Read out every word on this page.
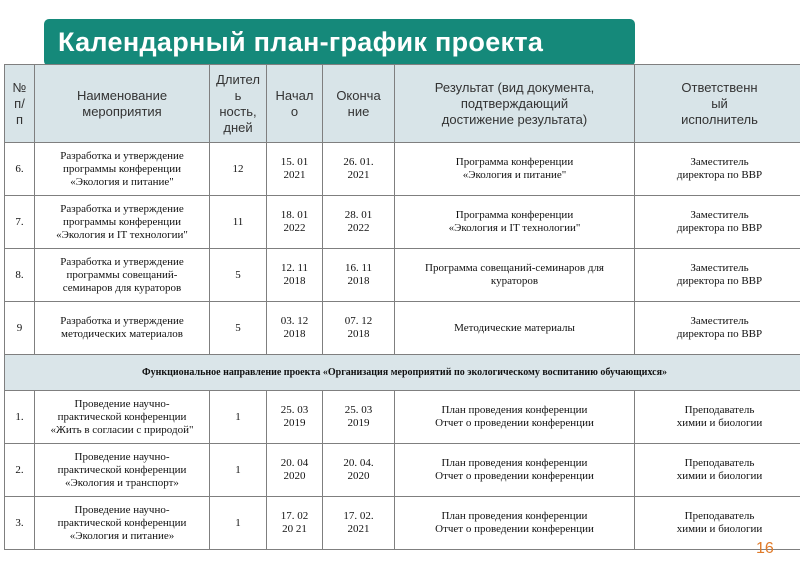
Календарный план-график проекта
№
п/
п	Наименование
мероприятия	Длител
ь
ность,
дней	Начал
о	Оконча
ние	Результат (вид документа,
подтверждающий
достижение результата)	Ответственн
ый
исполнитель
6.	Разработка и утверждение
программы конференции
«Экология и питание"	12	15. 01
2021	26. 01.
2021	Программа конференции
«Экология и питание"	Заместитель
директора по ВВР
7.	Разработка и утверждение
программы конференции
«Экология и IT технологии"	11	18. 01
2022	28. 01
2022	Программа конференции
«Экология и IT технологии"	Заместитель
директора по ВВР
8.	Разработка и утверждение
программы совещаний-
семинаров для кураторов	5	12. 11
2018	16. 11
2018	Программа совещаний-семинаров для
кураторов	Заместитель
директора по ВВР
9	Разработка и утверждение
методических материалов	5	03. 12
2018	07. 12
2018	Методические материалы	Заместитель
директора по ВВР
Функциональное направление проекта «Организация мероприятий по экологическому воспитанию обучающихся»						
1.	Проведение научно-
практической конференции
«Жить в согласии с природой"	1	25. 03
2019	25. 03
2019	План проведения конференции
Отчет о проведении конференции	Преподаватель
химии и биологии
2.	Проведение научно-
практической конференции
«Экология и транспорт»	1	20. 04
2020	20. 04.
2020	План проведения конференции
Отчет о проведении конференции	Преподаватель
химии и биологии
3.	Проведение научно-
практической конференции
«Экология и питание»	1	17. 02
20 21	17. 02.
2021	План проведения конференции
Отчет о проведении конференции	Преподаватель
химии и биологии
16
